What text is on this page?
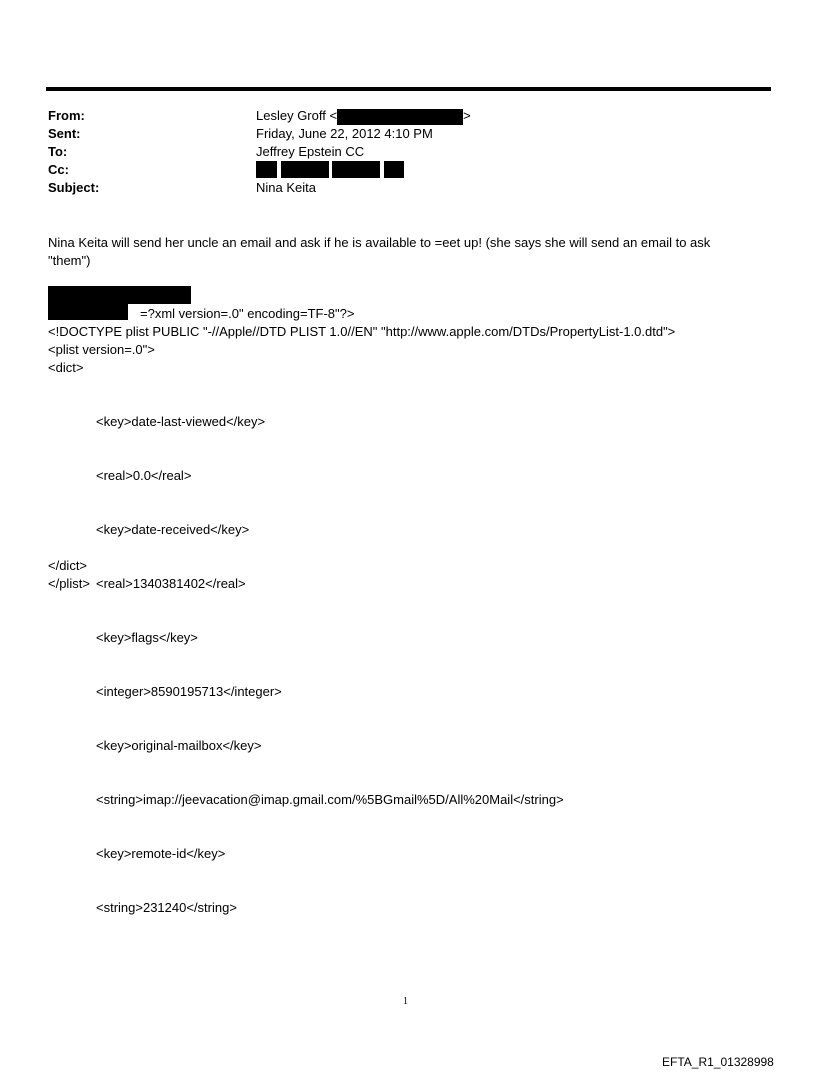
From:	Lesley Groff <	>
Sent:	Friday, June 22, 2012 4:10 PM
To:	Jeffrey Epstein CC
Cc:

Subject:	Nina Keita
Nina Keita will send her uncle an email and ask if he is available to =eet up! (she says she will send an email to ask
"them")
=?xml version=.0" encoding=TF-8"?>
<!DOCTYPE plist PUBLIC "-//Apple//DTD PLIST 1.0//EN" "http://www.apple.com/DTDs/PropertyList-1.0.dtd">
<plist version=.0">
<dict>

<key>date-last-viewed</key>

<real>0.0</real>

<key>date-received</key>

<real>1340381402</real>

<key>flags</key>

<integer>8590195713</integer>

<key>original-mailbox</key>

<string>imap://jeevacation@imap.gmail.com/%5BGmail%5D/All%20Mail</string>

<key>remote-id</key>

<string>231240</string>

</dict>
</plist>
1
EFTA_R1_01328998
